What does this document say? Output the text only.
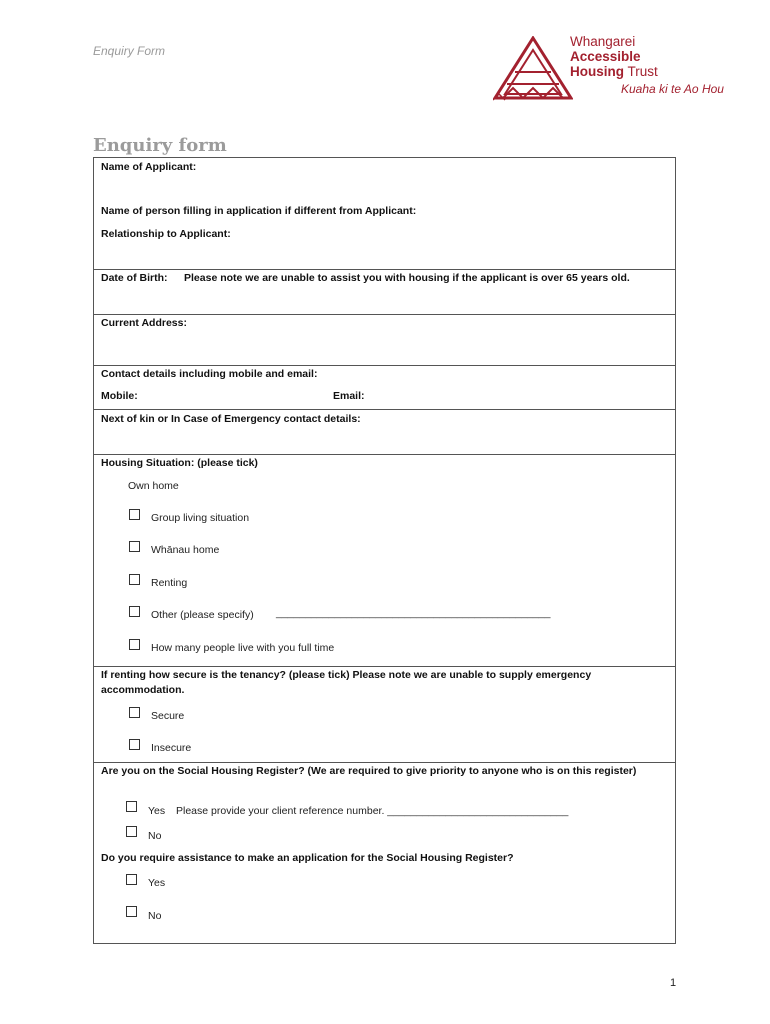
Enquiry Form
Whangarei
Accessible
Housing Trust
Kuaha ki te Ao Hou
Enquiry form
Name of Applicant:
Name of person filling in application if different from Applicant:
Relationship to Applicant:
Date of Birth: Please note we are unable to assist you with housing if the applicant is over 65 years old.
Current Address:
Contact details including mobile and email:
Mobile:	Email:
Next of kin or In Case of Emergency contact details:
Housing Situation: (please tick)
Own home
Group living situation
Whānau home
Renting
Other (please specify) _______________________________________________
How many people live with you full time
If renting how secure is the tenancy? (please tick) Please note we are unable to supply emergency accommodation.
Secure
Insecure
Are you on the Social Housing Register? (We are required to give priority to anyone who is on this register)
Yes Please provide your client reference number. _______________________________
No
Do you require assistance to make an application for the Social Housing Register?
Yes
No
1
